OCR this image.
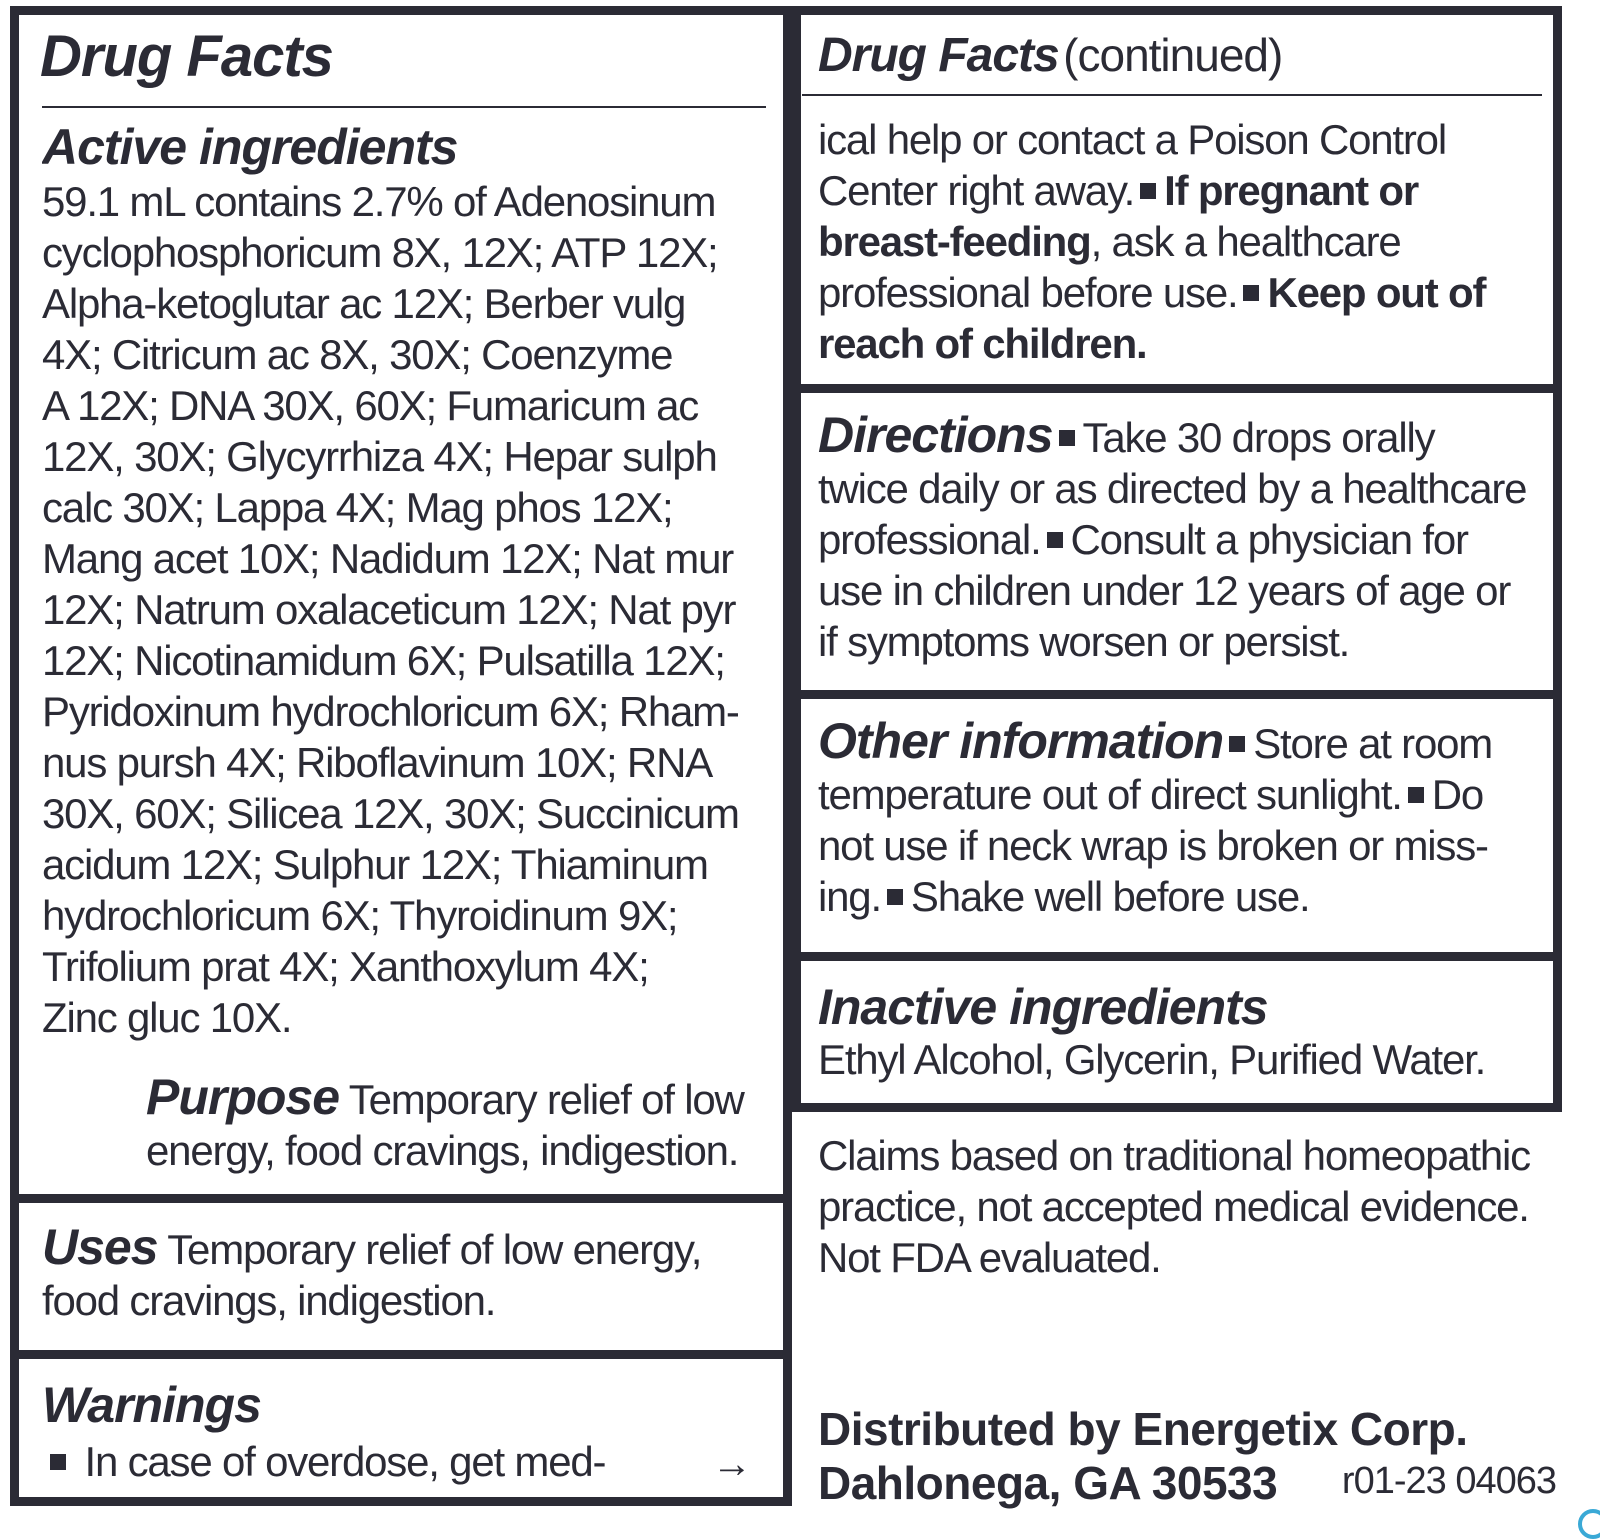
Drug Facts
Active ingredients
59.1 mL contains 2.7% of Adenosinum
cyclophosphoricum 8X, 12X; ATP 12X;
Alpha-ketoglutar ac 12X; Berber vulg
4X; Citricum ac 8X, 30X; Coenzyme
A 12X; DNA 30X, 60X; Fumaricum ac
12X, 30X; Glycyrrhiza 4X; Hepar sulph
calc 30X; Lappa 4X; Mag phos 12X;
Mang acet 10X; Nadidum 12X; Nat mur
12X; Natrum oxalaceticum 12X; Nat pyr
12X; Nicotinamidum 6X; Pulsatilla 12X;
Pyridoxinum hydrochloricum 6X; Rham-
nus pursh 4X; Riboflavinum 10X; RNA
30X, 60X; Silicea 12X, 30X; Succinicum
acidum 12X; Sulphur 12X; Thiaminum
hydrochloricum 6X; Thyroidinum 9X;
Trifolium prat 4X; Xanthoxylum 4X;
Zinc gluc 10X.
Purpose Temporary relief of low
energy, food cravings, indigestion.
Uses Temporary relief of low energy,
food cravings, indigestion.
Warnings
In case of overdose, get med-	→
Drug Facts (continued)
ical help or contact a Poison Control
Center right away. If pregnant or
breast-feeding, ask a healthcare
professional before use. Keep out of
reach of children.
Directions Take 30 drops orally
twice daily or as directed by a healthcare
professional. Consult a physician for
use in children under 12 years of age or
if symptoms worsen or persist.
Other information Store at room
temperature out of direct sunlight. Do
not use if neck wrap is broken or miss-
ing. Shake well before use.
Inactive ingredients
Ethyl Alcohol, Glycerin, Purified Water.
Claims based on traditional homeopathic
practice, not accepted medical evidence.
Not FDA evaluated.
Distributed by Energetix Corp.
Dahlonega, GA 30533 r01-23 04063
